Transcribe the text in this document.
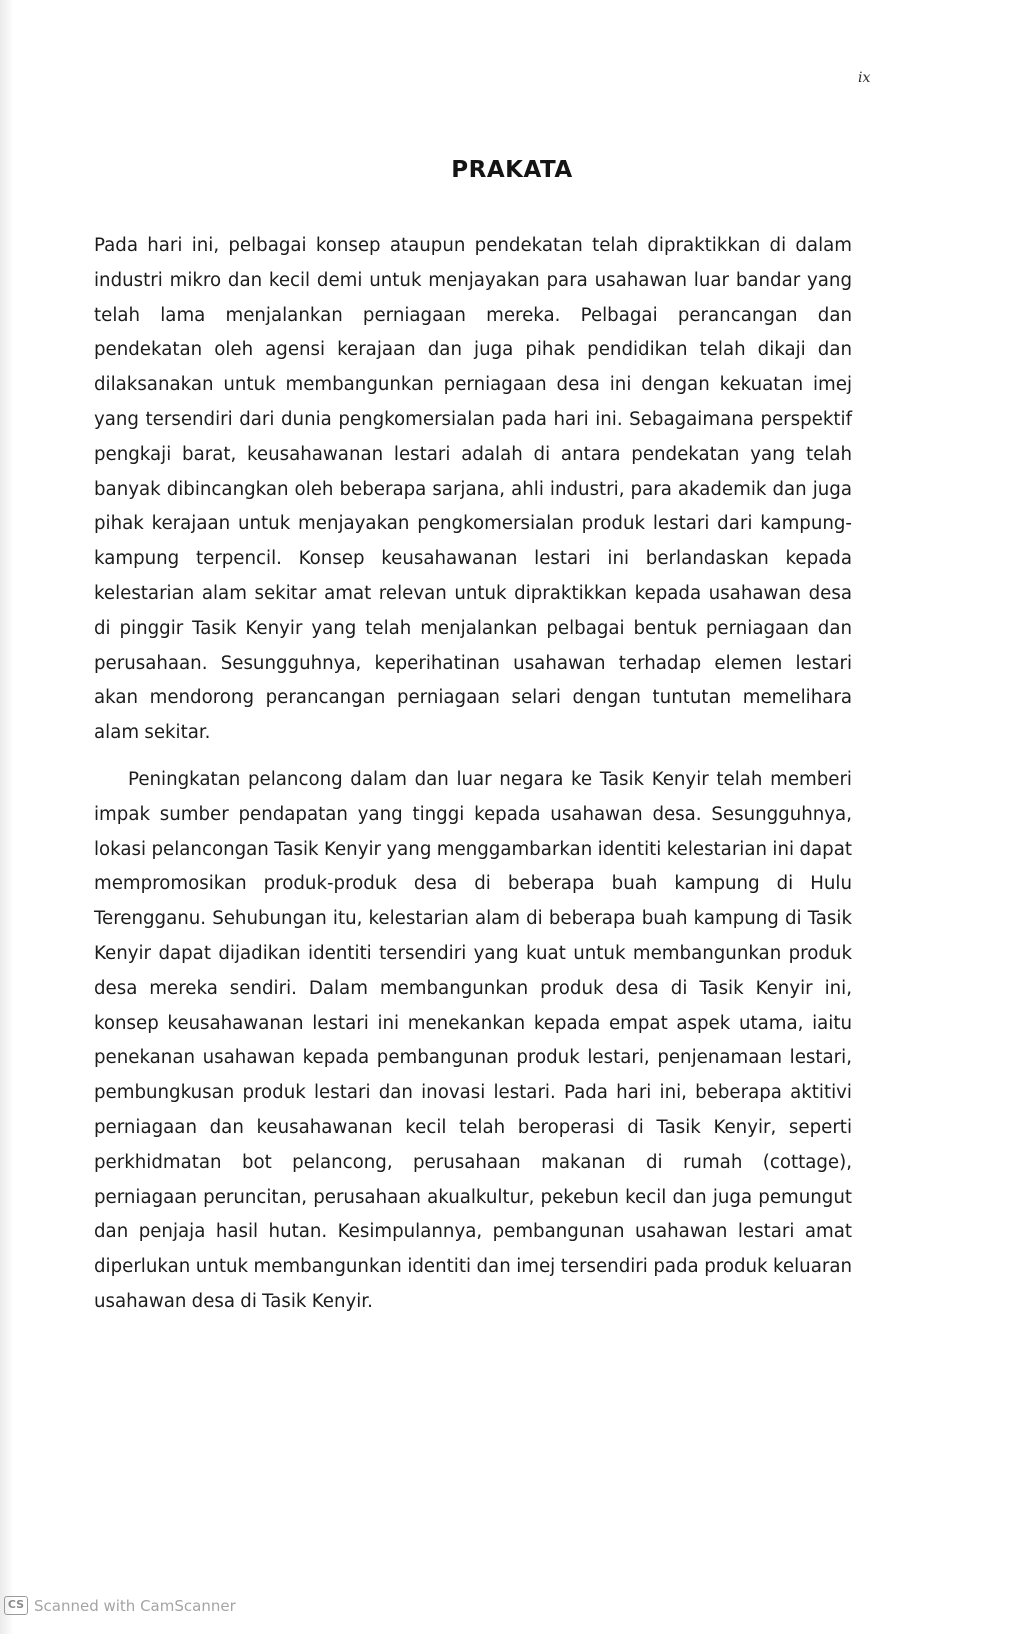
ix
PRAKATA

Pada hari ini, pelbagai konsep ataupun pendekatan telah dipraktikkan di dalam industri mikro dan kecil demi untuk menjayakan para usahawan luar bandar yang telah lama menjalankan perniagaan mereka. Pelbagai perancangan dan pendekatan oleh agensi kerajaan dan juga pihak pendidikan telah dikaji dan dilaksanakan untuk membangunkan perniagaan desa ini dengan kekuatan imej yang tersendiri dari dunia pengkomersialan pada hari ini. Sebagaimana perspektif pengkaji barat, keusahawanan lestari adalah di antara pendekatan yang telah banyak dibincangkan oleh beberapa sarjana, ahli industri, para akademik dan juga pihak kerajaan untuk menjayakan pengkomersialan produk lestari dari kampung-kampung terpencil. Konsep keusahawanan lestari ini berlandaskan kepada kelestarian alam sekitar amat relevan untuk dipraktikkan kepada usahawan desa di pinggir Tasik Kenyir yang telah menjalankan pelbagai bentuk perniagaan dan perusahaan. Sesungguhnya, keperihatinan usahawan terhadap elemen lestari akan mendorong perancangan perniagaan selari dengan tuntutan memelihara alam sekitar.

Peningkatan pelancong dalam dan luar negara ke Tasik Kenyir telah memberi impak sumber pendapatan yang tinggi kepada usahawan desa. Sesungguhnya, lokasi pelancongan Tasik Kenyir yang menggambarkan identiti kelestarian ini dapat mempromosikan produk-produk desa di beberapa buah kampung di Hulu Terengganu. Sehubungan itu, kelestarian alam di beberapa buah kampung di Tasik Kenyir dapat dijadikan identiti tersendiri yang kuat untuk membangunkan produk desa mereka sendiri. Dalam membangunkan produk desa di Tasik Kenyir ini, konsep keusahawanan lestari ini menekankan kepada empat aspek utama, iaitu penekanan usahawan kepada pembangunan produk lestari, penjenamaan lestari, pembungkusan produk lestari dan inovasi lestari. Pada hari ini, beberapa aktitivi perniagaan dan keusahawanan kecil telah beroperasi di Tasik Kenyir, seperti perkhidmatan bot pelancong, perusahaan makanan di rumah (cottage), perniagaan peruncitan, perusahaan akualkultur, pekebun kecil dan juga pemungut dan penjaja hasil hutan. Kesimpulannya, pembangunan usahawan lestari amat diperlukan untuk membangunkan identiti dan imej tersendiri pada produk keluaran usahawan desa di Tasik Kenyir.

CS Scanned with CamScanner
